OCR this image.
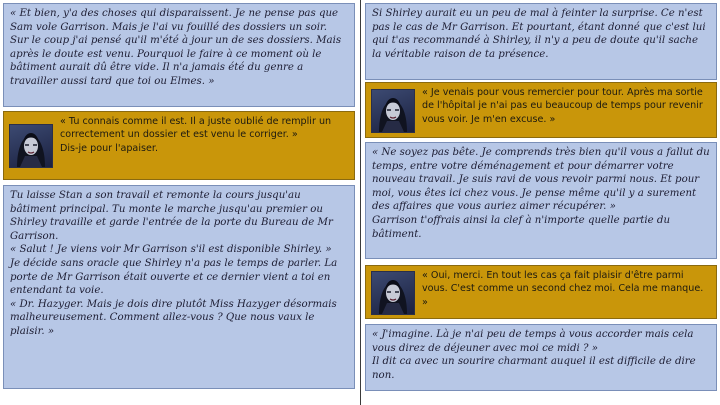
« Et bien, y'a des choses qui disparaissent. Je ne pense pas que Sam vole Garrison. Mais je l'ai vu fouillé des dossiers un soir. Sur le coup j'ai pensé qu'il m'été à jour un de ses dossiers. Mais après le doute est venu. Pourquoi le faire à ce moment où le bâtiment aurait dû être vide. Il n'a jamais été du genre a travailler aussi tard que toi ou Elmes. »

« Tu connais comme il est. Il a juste oublié de remplir un correctement un dossier et est venu le corriger. »
Dis-je pour l'apaiser.

Tu laisse Stan a son travail et remonte la cours jusqu'au bâtiment principal. Tu monte le marche jusqu'au premier ou Shirley travaille et garde l'entrée de la porte du Bureau de Mr Garrison.
« Salut ! Je viens voir Mr Garrison s'il est disponible Shirley. »
Je décide sans oracle que Shirley n'a pas le temps de parler. La porte de Mr Garrison était ouverte et ce dernier vient a toi en entendant ta voie.
« Dr. Hazyger. Mais je dois dire plutôt Miss Hazyger désormais malheureusement. Comment allez-vous ? Que nous vaux le plaisir. »

Si Shirley aurait eu un peu de mal à feinter la surprise. Ce n'est pas le cas de Mr Garrison. Et pourtant, étant donné que c'est lui qui t'as recommandé à Shirley, il n'y a peu de doute qu'il sache la véritable raison de ta présence.

« Je venais pour vous remercier pour tour. Après ma sortie de l'hôpital je n'ai pas eu beaucoup de temps pour revenir vous voir. Je m'en excuse. »

« Ne soyez pas bête. Je comprends très bien qu'il vous a fallut du temps, entre votre déménagement et pour démarrer votre nouveau travail. Je suis ravi de vous revoir parmi nous. Et pour moi, vous êtes ici chez vous. Je pense même qu'il y a surement des affaires que vous auriez aimer récupérer. »
Garrison t'offrais ainsi la clef à n'importe quelle partie du bâtiment.

« Oui, merci. En tout les cas ça fait plaisir d'être parmi vous. C'est comme un second chez moi. Cela me manque. »

« J'imagine. Là je n'ai peu de temps à vous accorder mais cela vous direz de déjeuner avec moi ce midi ? »
Il dit ca avec un sourire charmant auquel il est difficile de dire non.
